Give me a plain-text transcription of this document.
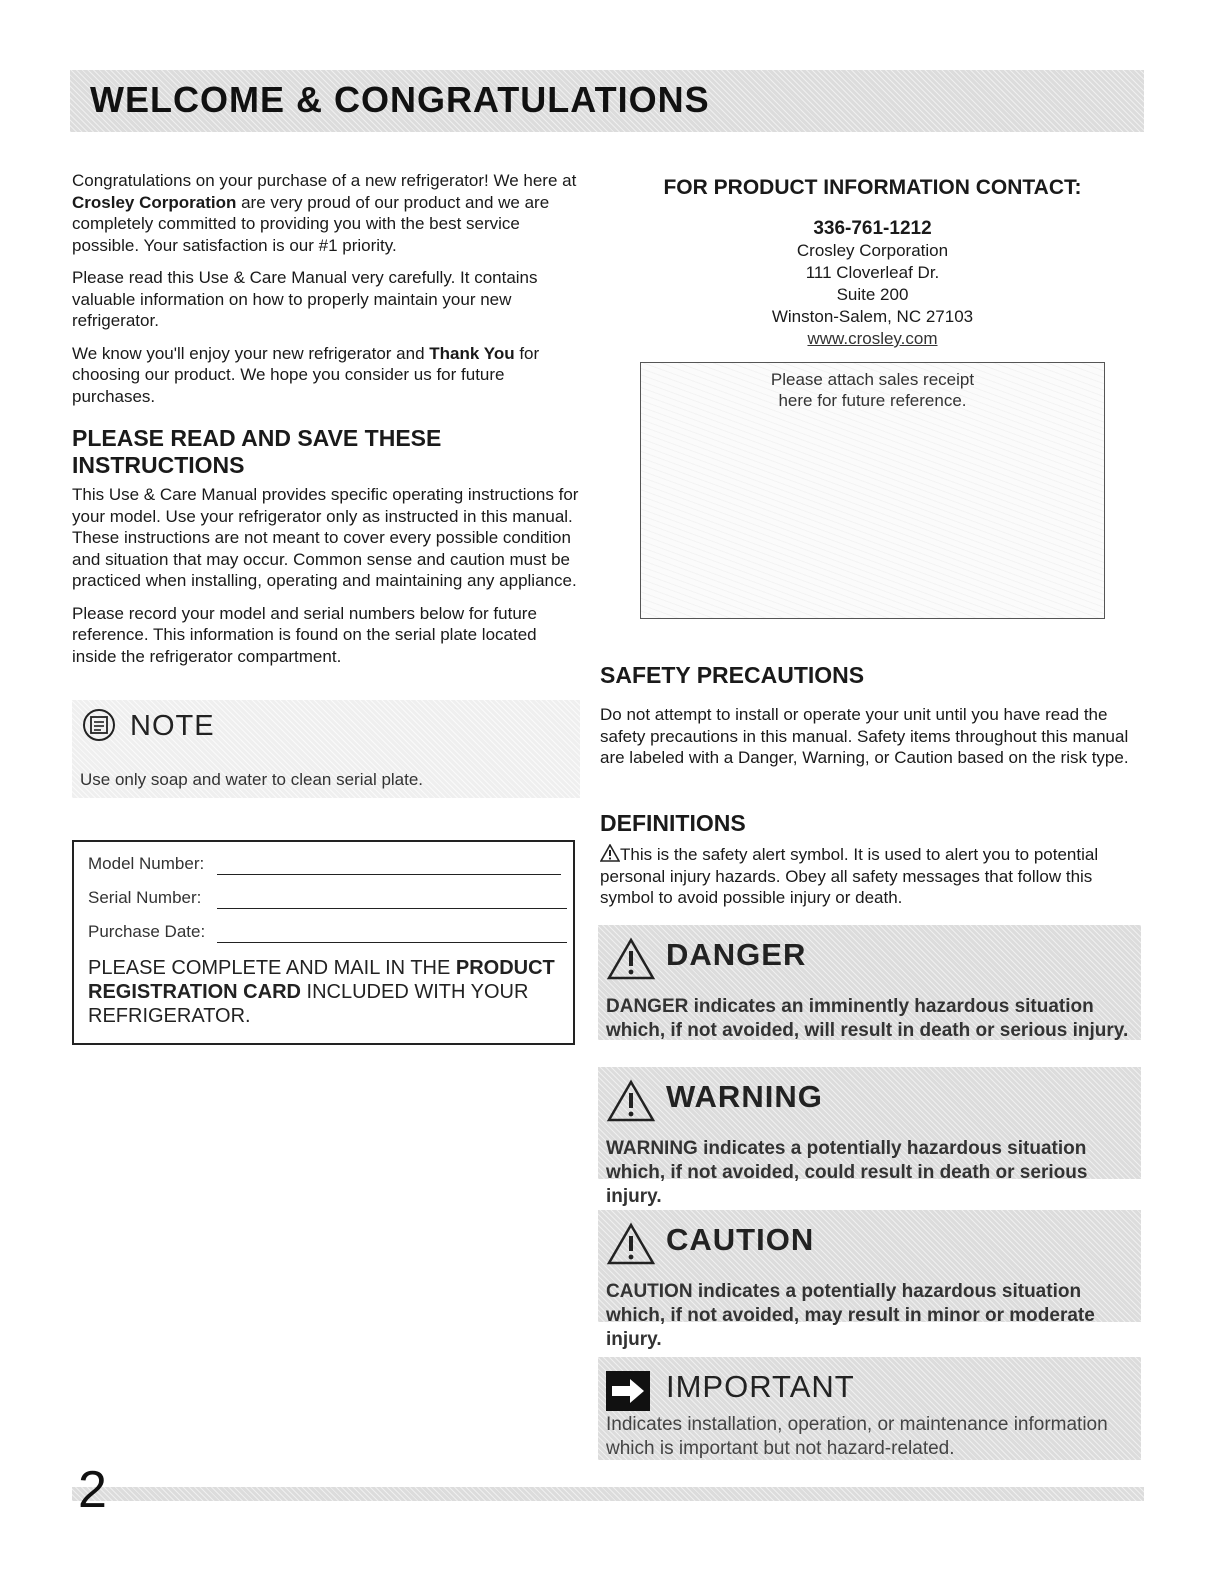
WELCOME & CONGRATULATIONS

Congratulations on your purchase of a new refrigerator! We here at Crosley Corporation are very proud of our product and we are completely committed to providing you with the best service possible. Your satisfaction is our #1 priority.

Please read this Use & Care Manual very carefully. It contains valuable information on how to properly maintain your new refrigerator.

We know you'll enjoy your new refrigerator and Thank You for choosing our product. We hope you consider us for future purchases.

PLEASE READ AND SAVE THESE INSTRUCTIONS

This Use & Care Manual provides specific operating instructions for your model. Use your refrigerator only as instructed in this manual. These instructions are not meant to cover every possible condition and situation that may occur. Common sense and caution must be practiced when installing, operating and maintaining any appliance.

Please record your model and serial numbers below for future reference. This information is found on the serial plate located inside the refrigerator compartment.

NOTE
Use only soap and water to clean serial plate.
Model Number:
Serial Number:
Purchase Date:
PLEASE COMPLETE AND MAIL IN THE PRODUCT REGISTRATION CARD INCLUDED WITH YOUR REFRIGERATOR.
FOR PRODUCT INFORMATION CONTACT:
336-761-1212
Crosley Corporation
111 Cloverleaf Dr.
Suite 200
Winston-Salem, NC 27103
www.crosley.com
Please attach sales receipt
here for future reference.
SAFETY PRECAUTIONS

Do not attempt to install or operate your unit until you have read the safety precautions in this manual. Safety items throughout this manual are labeled with a Danger, Warning, or Caution based on the risk type.

DEFINITIONS

This is the safety alert symbol. It is used to alert you to potential personal injury hazards. Obey all safety messages that follow this symbol to avoid possible injury or death.

DANGER
DANGER indicates an imminently hazardous situation which, if not avoided, will result in death or serious injury.
WARNING
WARNING indicates a potentially hazardous situation which, if not avoided, could result in death or serious injury.
CAUTION
CAUTION indicates a potentially hazardous situation which, if not avoided, may result in minor or moderate injury.
IMPORTANT
Indicates installation, operation, or maintenance information which is important but not hazard-related.
2
